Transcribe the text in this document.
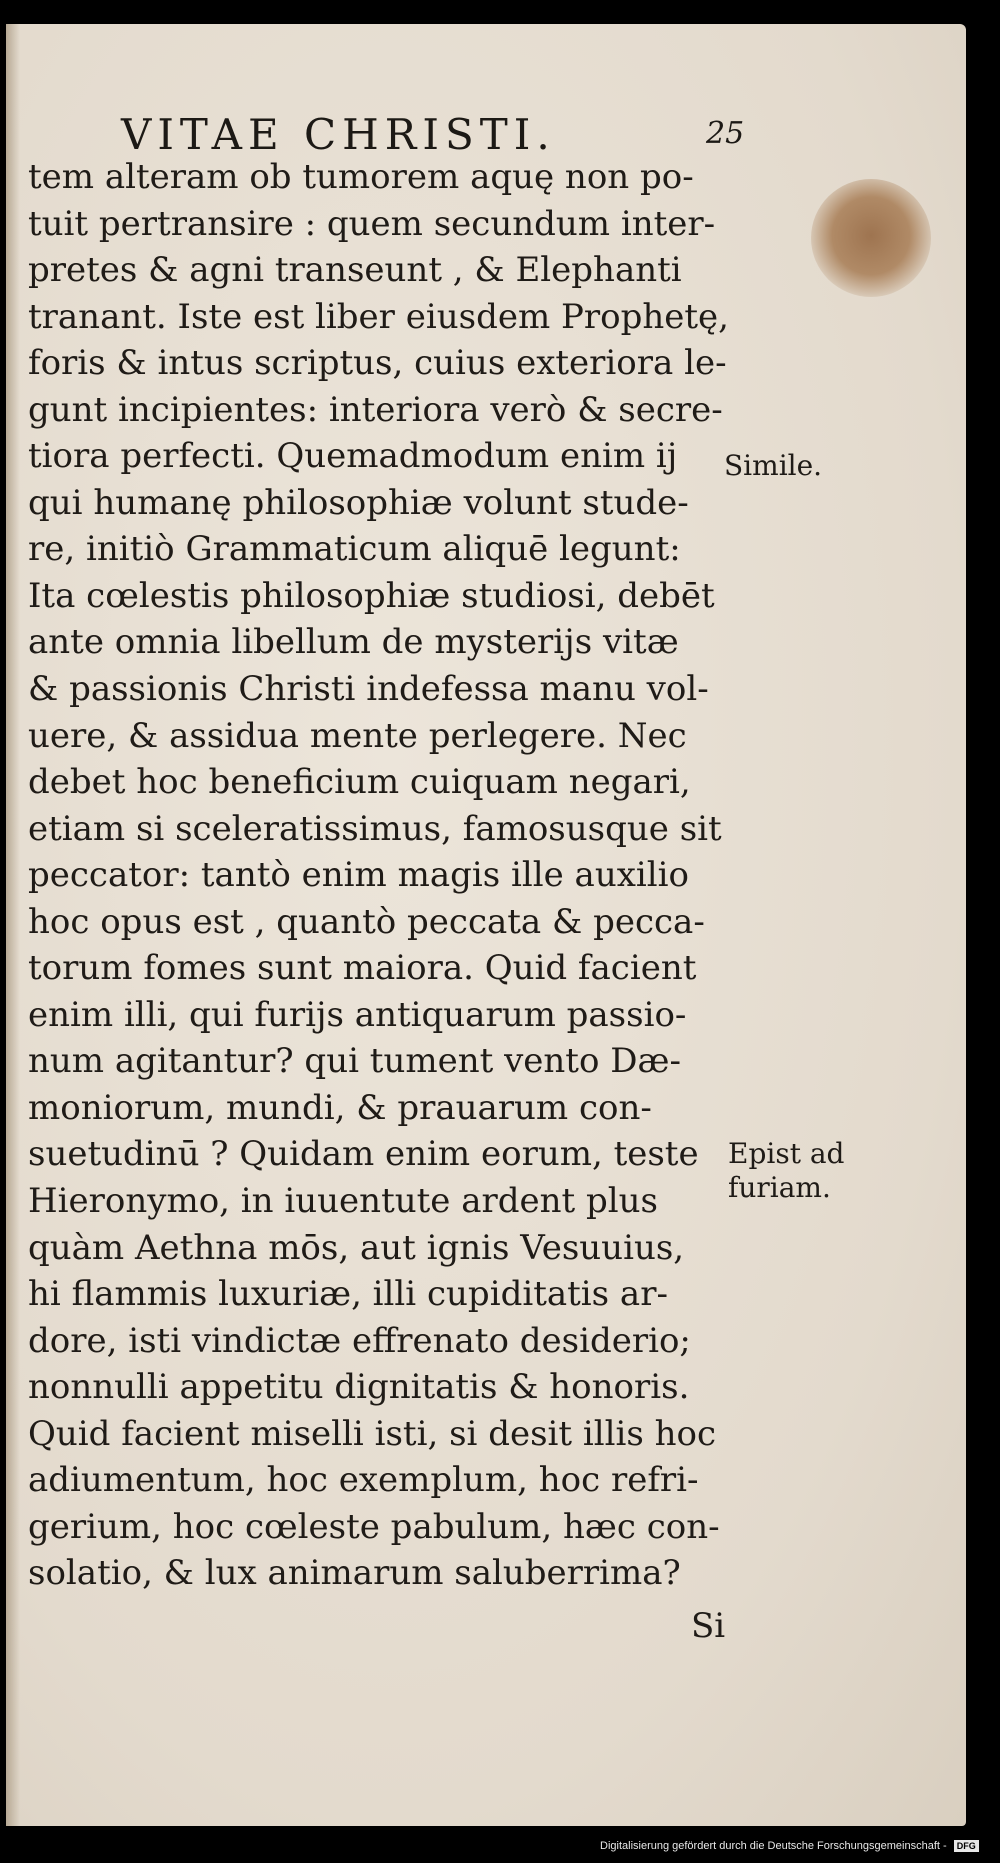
VITAE CHRISTI.	25
tem alteram ob tumorem aquę non po-
tuit pertransire : quem secundum inter-
pretes & agni transeunt , & Elephanti
tranant. Iste est liber eiusdem Prophetę,
foris & intus scriptus, cuius exteriora le-
gunt incipientes: interiora verò & secre-
tiora perfecti. Quemadmodum enim ij
qui humanę philosophiæ volunt stude-
re, initiò Grammaticum aliquē legunt:
Ita cœlestis philosophiæ studiosi, debēt
ante omnia libellum de mysterijs vitæ
& passionis Christi indefessa manu vol-
uere, & assidua mente perlegere. Nec
debet hoc beneficium cuiquam negari,
etiam si sceleratissimus, famosusque sit
peccator: tantò enim magis ille auxilio
hoc opus est , quantò peccata & pecca-
torum fomes sunt maiora. Quid facient
enim illi, qui furijs antiquarum passio-
num agitantur? qui tument vento Dæ-
moniorum, mundi, & prauarum con-
suetudinū ? Quidam enim eorum, teste
Hieronymo, in iuuentute ardent plus
quàm Aethna mōs, aut ignis Vesuuius,
hi flammis luxuriæ, illi cupiditatis ar-
dore, isti vindictæ effrenato desiderio;
nonnulli appetitu dignitatis & honoris.
Quid facient miselli isti, si desit illis hoc
adiumentum, hoc exemplum, hoc refri-
gerium, hoc cœleste pabulum, hæc con-
solatio, & lux animarum saluberrima?
Simile.
Epist ad
furiam.
Si
Digitalisierung gefördert durch die Deutsche Forschungsgemeinschaft - DFG
